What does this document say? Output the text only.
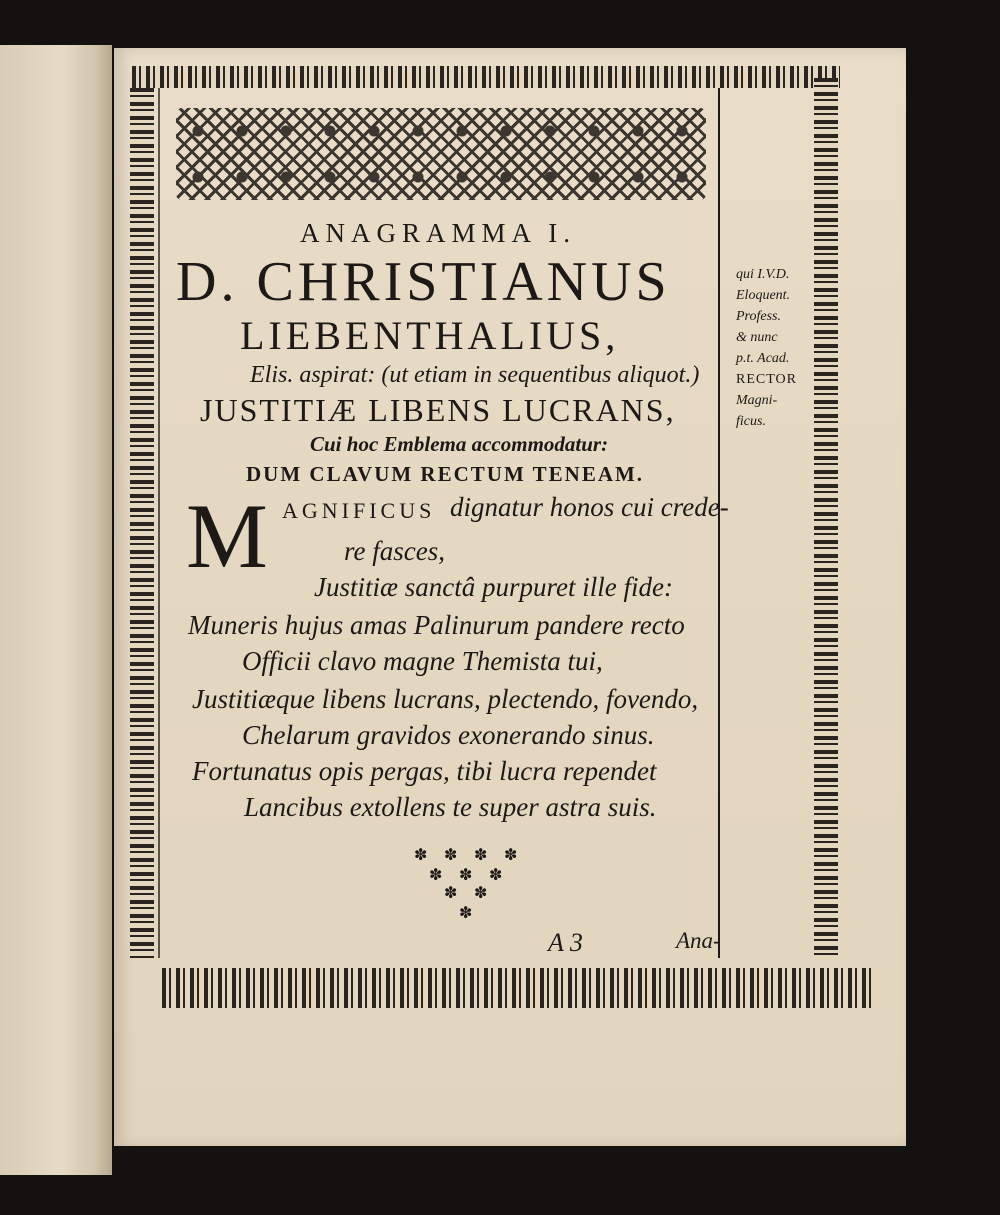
ANAGRAMMA I.
D. CHRISTIANUS
LIEBENTHALIUS,
Elis. aspirat: (ut etiam in sequentibus aliquot.)
JUSTITIÆ LIBENS LUCRANS,
Cui hoc Emblema accommodatur:
DUM CLAVUM RECTUM TENEAM.
M AGNIFICUS dignatur honos cui crede-
re fasces,
Justitiæ sanctâ purpuret ille fide:
Muneris hujus amas Palinurum pandere recto
Officii clavo magne Themista tui,
Justitiæque libens lucrans, plectendo, fovendo,
Chelarum gravidos exonerando sinus.
Fortunatus opis pergas, tibi lucra rependet
Lancibus extollens te super astra suis.
qui I.V.D.
Eloquent.
Profess.
& nunc
p.t. Acad.
RECTOR
Magni-
ficus.
✽ ✽ ✽ ✽
✽ ✽ ✽
✽ ✽
✽
A 3	Ana-
